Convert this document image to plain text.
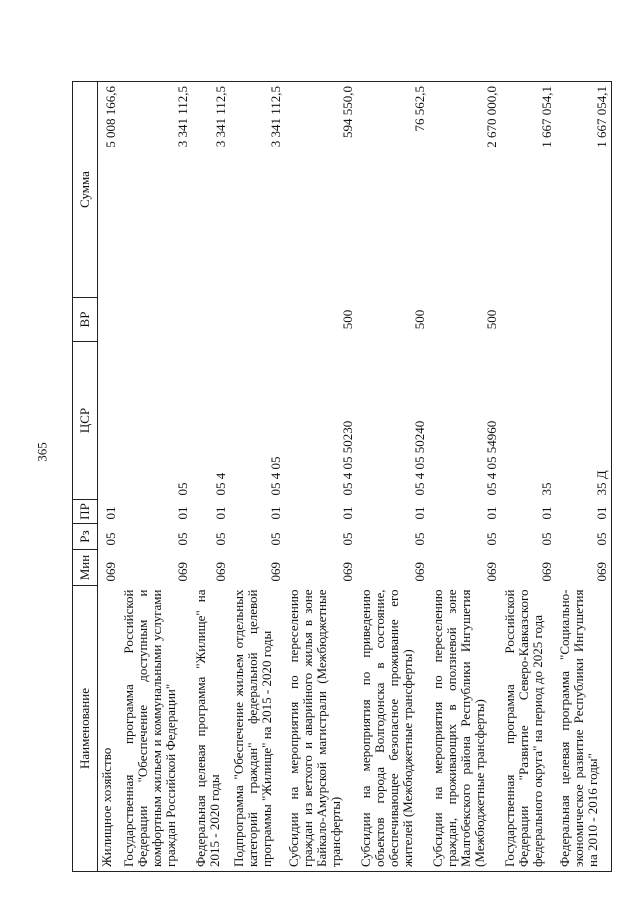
365
Наименование	Мин	Рз	ПР	ЦСР	ВР	Сумма
Жилищное хозяйство	069	05	01			5 008 166,6
Государственная программа Российской Федерации "Обеспечение доступным и комфортным жильем и коммунальными услугами граждан Российской Федерации"	069	05	01	05		3 341 112,5
Федеральная целевая программа "Жилище" на 2015 - 2020 годы	069	05	01	05 4		3 341 112,5
Подпрограмма "Обеспечение жильем отдельных категорий граждан" федеральной целевой программы "Жилище" на 2015 - 2020 годы	069	05	01	05 4 05		3 341 112,5
Субсидии на мероприятия по переселению граждан из ветхого и аварийного жилья в зоне Байкало-Амурской магистрали (Межбюджетные трансферты)	069	05	01	05 4 05 50230	500	594 550,0
Субсидии на мероприятия по приведению объектов города Волгодонска в состояние, обеспечивающее безопасное проживание его жителей (Межбюджетные трансферты)	069	05	01	05 4 05 50240	500	76 562,5
Субсидии на мероприятия по переселению граждан, проживающих в оползневой зоне Малгобекского района Республики Ингушетия (Межбюджетные трансферты)	069	05	01	05 4 05 54960	500	2 670 000,0
Государственная программа Российской Федерации "Развитие Северо-Кавказского федерального округа" на период до 2025 года	069	05	01	35		1 667 054,1
Федеральная целевая программа "Социально-экономическое развитие Республики Ингушетия на 2010 - 2016 годы"	069	05	01	35 Д		1 667 054,1
